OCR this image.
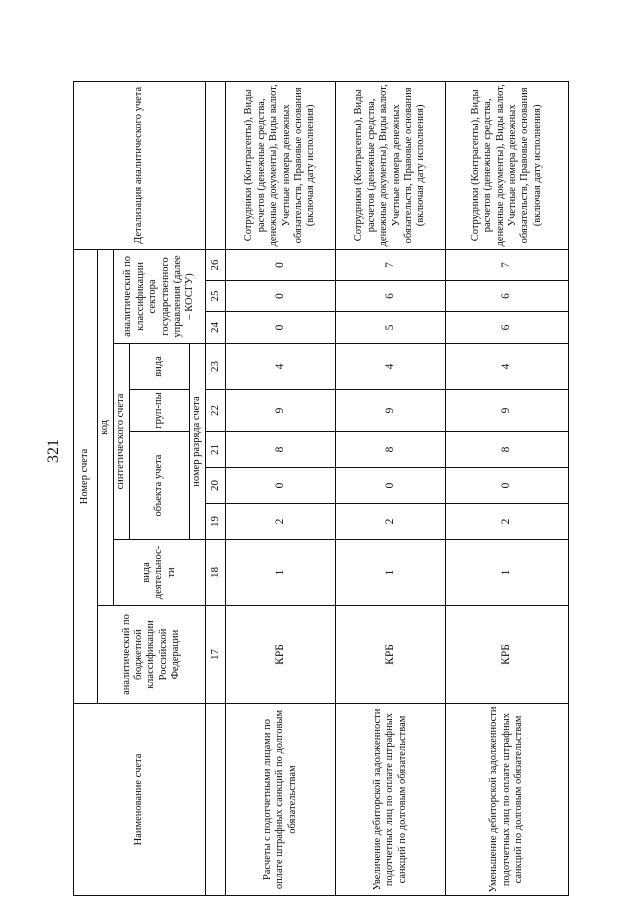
321
Наименование счета	Номер счета										Детализация аналитического учета
	аналитический по бюджетной классификации Российской Федерации	код									
		вида деятельнос-ти	синтетического счета					аналитический по классификации сектора государственного управления (далее – КОСГУ)			
			объекта учета			груп-пы	вида				
			номер разряда счета								
	17	18	19	20	21	22	23	24	25	26	
Расчеты с подотчетными лицами по оплате штрафных санкций по долговым обязательствам	КРБ	1	2	0	8	9	4	0	0	0	Сотрудники (Контрагенты), Виды расчетов (денежные средства, денежные документы), Виды валют, Учетные номера денежных обязательств, Правовые основания (включая дату исполнения)
Увеличение дебиторской задолженности подотчетных лиц по оплате штрафных санкций по долговым обязательствам	КРБ	1	2	0	8	9	4	5	6	7	Сотрудники (Контрагенты), Виды расчетов (денежные средства, денежные документы), Виды валют, Учетные номера денежных обязательств, Правовые основания (включая дату исполнения)
Уменьшение дебиторской задолженности подотчетных лиц по оплате штрафных санкций по долговым обязательствам	КРБ	1	2	0	8	9	4	6	6	7	Сотрудники (Контрагенты), Виды расчетов (денежные средства, денежные документы), Виды валют, Учетные номера денежных обязательств, Правовые основания (включая дату исполнения)
